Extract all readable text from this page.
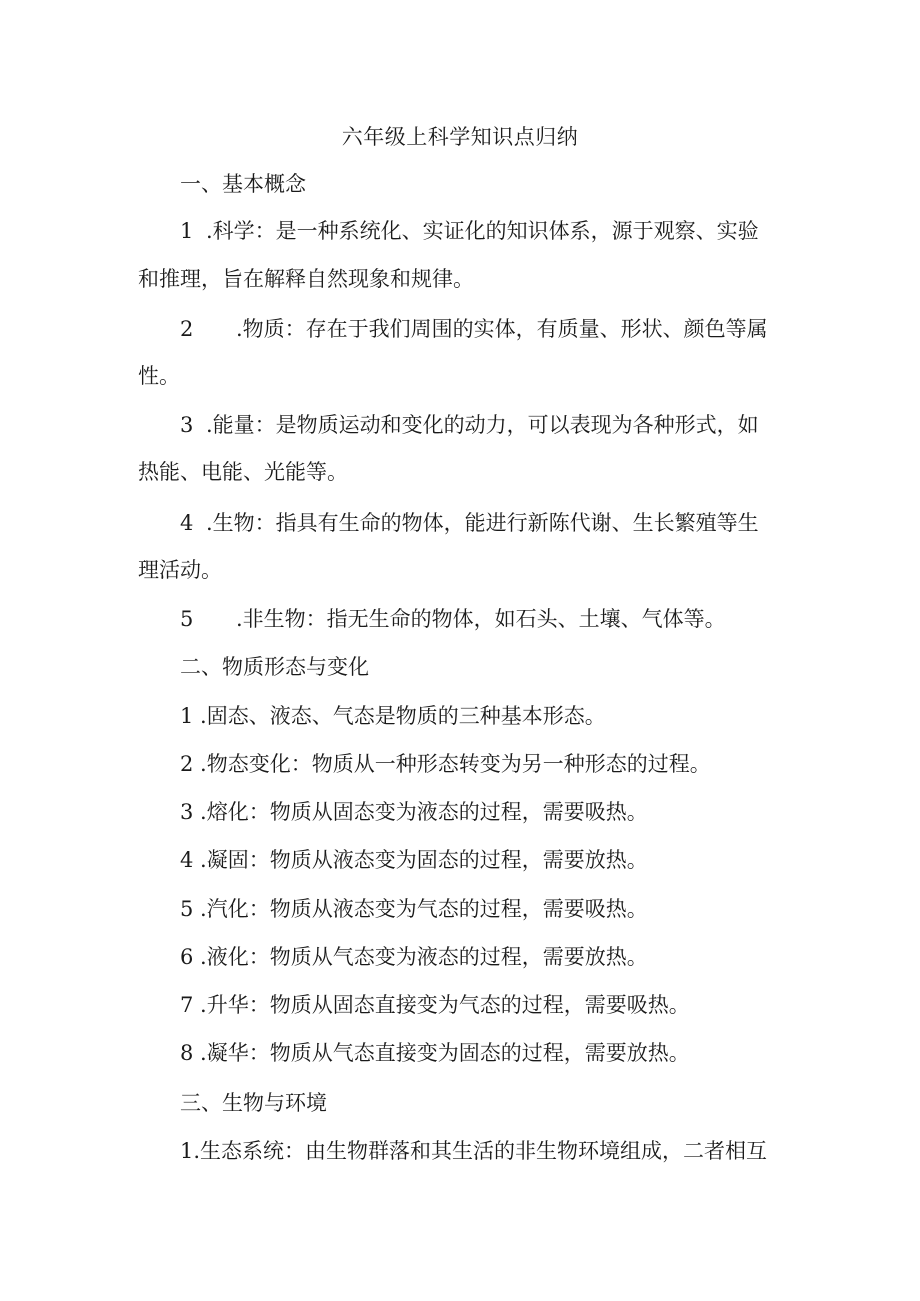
六年级上科学知识点归纳
一、基本概念
1 .科学：是一种系统化、实证化的知识体系，源于观察、实验
和推理，旨在解释自然现象和规律。
2 .物质：存在于我们周围的实体，有质量、形状、颜色等属
性。
3 .能量：是物质运动和变化的动力，可以表现为各种形式，如
热能、电能、光能等。
4 .生物：指具有生命的物体，能进行新陈代谢、生长繁殖等生
理活动。
5 .非生物：指无生命的物体，如石头、土壤、气体等。
二、物质形态与变化
1 .固态、液态、气态是物质的三种基本形态。
2 .物态变化：物质从一种形态转变为另一种形态的过程。
3 .熔化：物质从固态变为液态的过程，需要吸热。
4 .凝固：物质从液态变为固态的过程，需要放热。
5 .汽化：物质从液态变为气态的过程，需要吸热。
6 .液化：物质从气态变为液态的过程，需要放热。
7 .升华：物质从固态直接变为气态的过程，需要吸热。
8 .凝华：物质从气态直接变为固态的过程，需要放热。
三、生物与环境
1.生态系统：由生物群落和其生活的非生物环境组成，二者相互
